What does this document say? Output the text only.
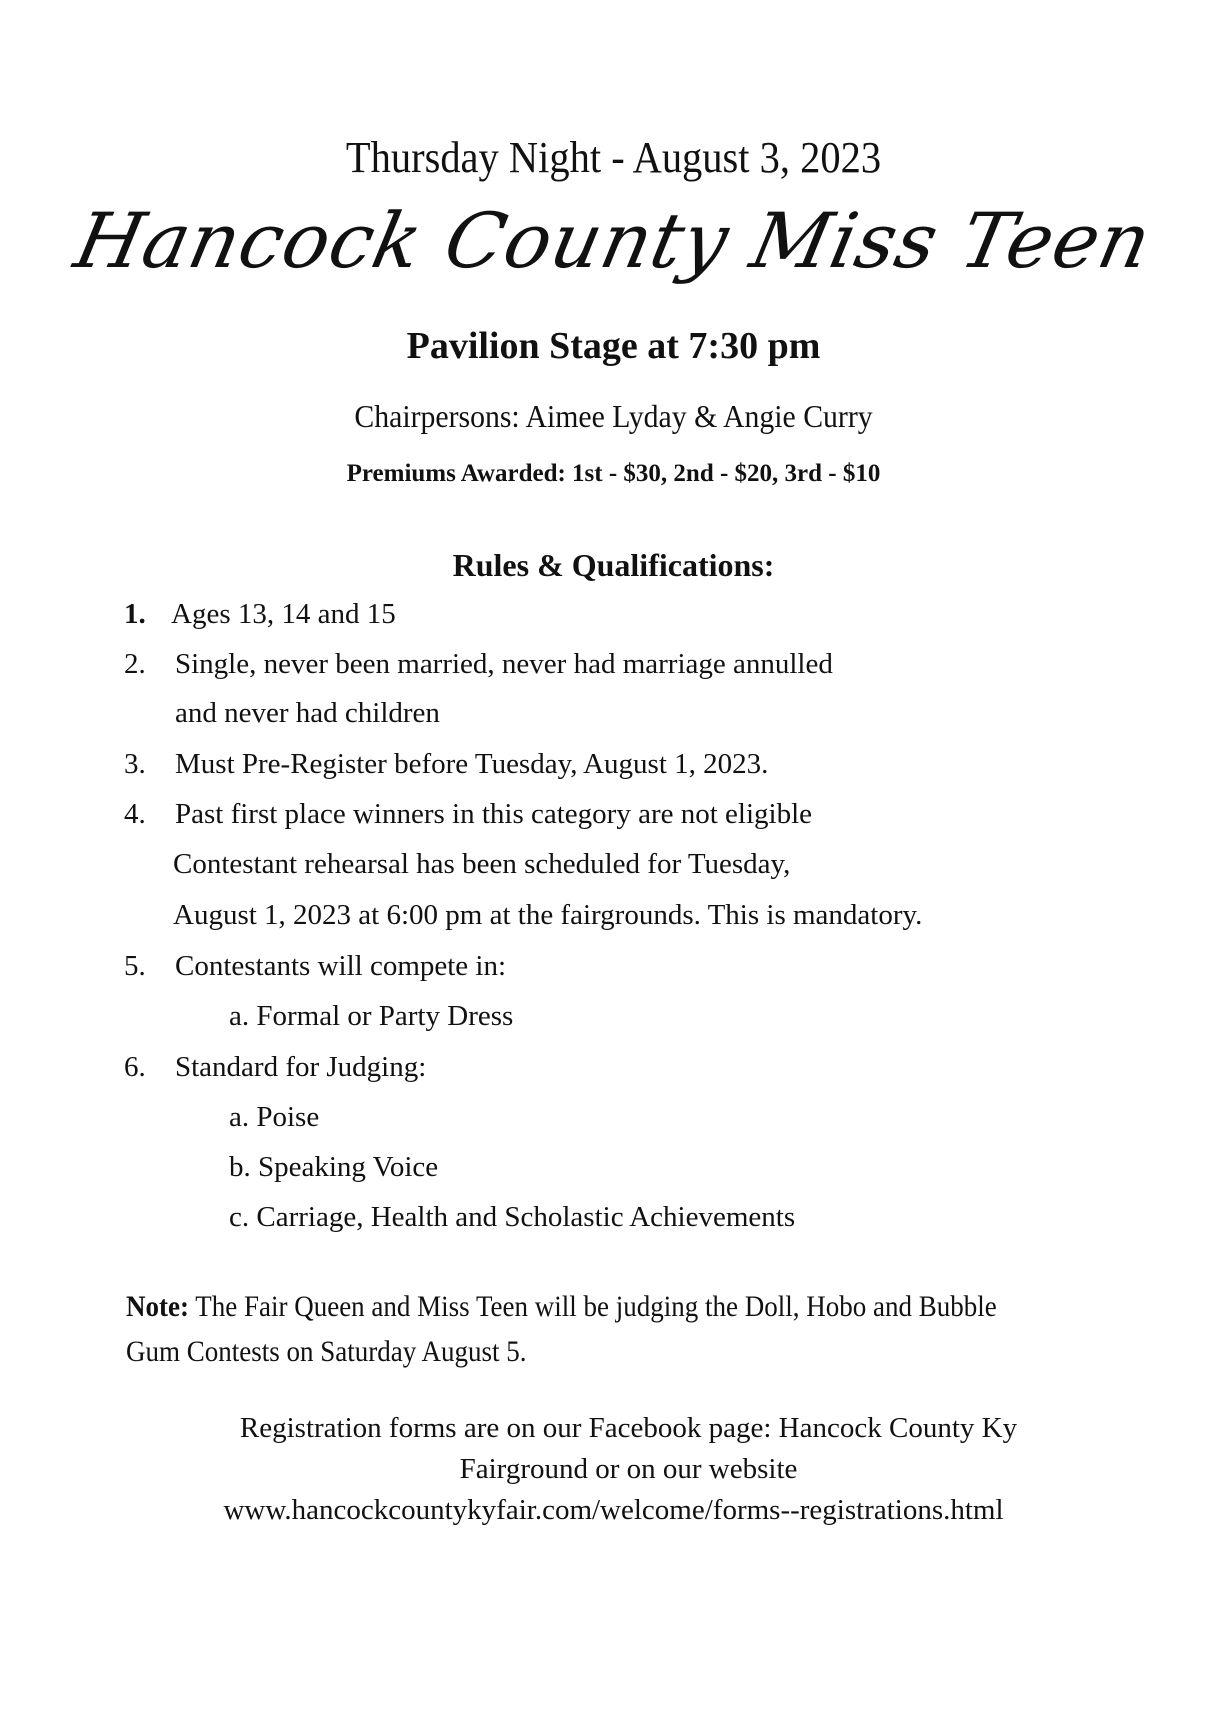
Thursday Night - August 3, 2023
Hancock County Miss Teen
Pavilion Stage at 7:30 pm
Chairpersons: Aimee Lyday & Angie Curry
Premiums Awarded: 1st - $30, 2nd - $20, 3rd - $10
Rules & Qualifications:
1. Ages 13, 14 and 15
2. Single, never been married, never had marriage annulled
and never had children
3. Must Pre-Register before Tuesday, August 1, 2023.
4. Past first place winners in this category are not eligible
Contestant rehearsal has been scheduled for Tuesday,
August 1, 2023 at 6:00 pm at the fairgrounds. This is mandatory.
5. Contestants will compete in:
a. Formal or Party Dress
6. Standard for Judging:
a. Poise
b. Speaking Voice
c. Carriage, Health and Scholastic Achievements
Note: The Fair Queen and Miss Teen will be judging the Doll, Hobo and Bubble
Gum Contests on Saturday August 5.
Registration forms are on our Facebook page: Hancock County Ky
Fairground or on our website
www.hancockcountykyfair.com/welcome/forms--registrations.html
